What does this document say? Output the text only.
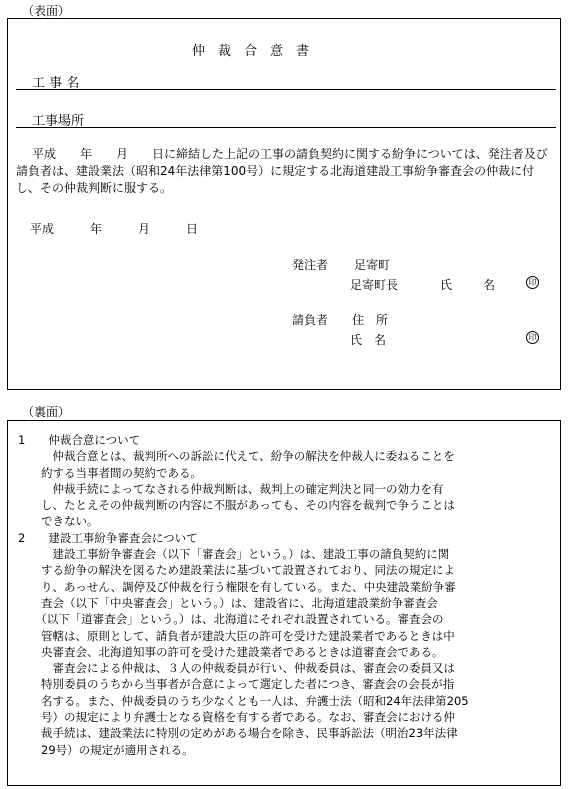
（表面）
仲　裁　合　意　書
工 事 名
工事場所
平成　　年　　月　　日に締結した上記の工事の請負契約に関する紛争については、発注者及び請負者は、建設業法（昭和24年法律第100号）に規定する北海道建設工事紛争審査会の仲裁に付し、その仲裁判断に服する。
平成　　　年　　　月　　　日
発注者 足寄町
足寄町長	氏	名	印
請負者 住　所
氏　名	印
（裏面）
1　　仲裁合意について
　　　仲裁合意とは、裁判所への訴訟に代えて、紛争の解決を仲裁人に委ねることを
　　約する当事者間の契約である。
　　　仲裁手続によってなされる仲裁判断は、裁判上の確定判決と同一の効力を有
　　し、たとえその仲裁判断の内容に不服があっても、その内容を裁判で争うことは
　　できない。
2　　建設工事紛争審査会について
　　　建設工事紛争審査会（以下「審査会」という。）は、建設工事の請負契約に関
　　する紛争の解決を図るため建設業法に基づいて設置されており、同法の規定によ
　　り、あっせん、調停及び仲裁を行う権限を有している。また、中央建設業紛争審
　　査会（以下「中央審査会」という。）は、建設省に、北海道建設業紛争審査会
　　（以下「道審査会」という。）は、北海道にそれぞれ設置されている。審査会の
　　管轄は、原則として、請負者が建設大臣の許可を受けた建設業者であるときは中
　　央審査会、北海道知事の許可を受けた建設業者であるときは道審査会である。
　　　審査会による仲裁は、３人の仲裁委員が行い、仲裁委員は、審査会の委員又は
　　特別委員のうちから当事者が合意によって選定した者につき、審査会の会長が指
　　名する。また、仲裁委員のうち少なくとも一人は、弁護士法（昭和24年法律第205
　　号）の規定により弁護士となる資格を有する者である。なお、審査会における仲
　　裁手続は、建設業法に特別の定めがある場合を除き、民事訴訟法（明治23年法律
　　29号）の規定が適用される。
